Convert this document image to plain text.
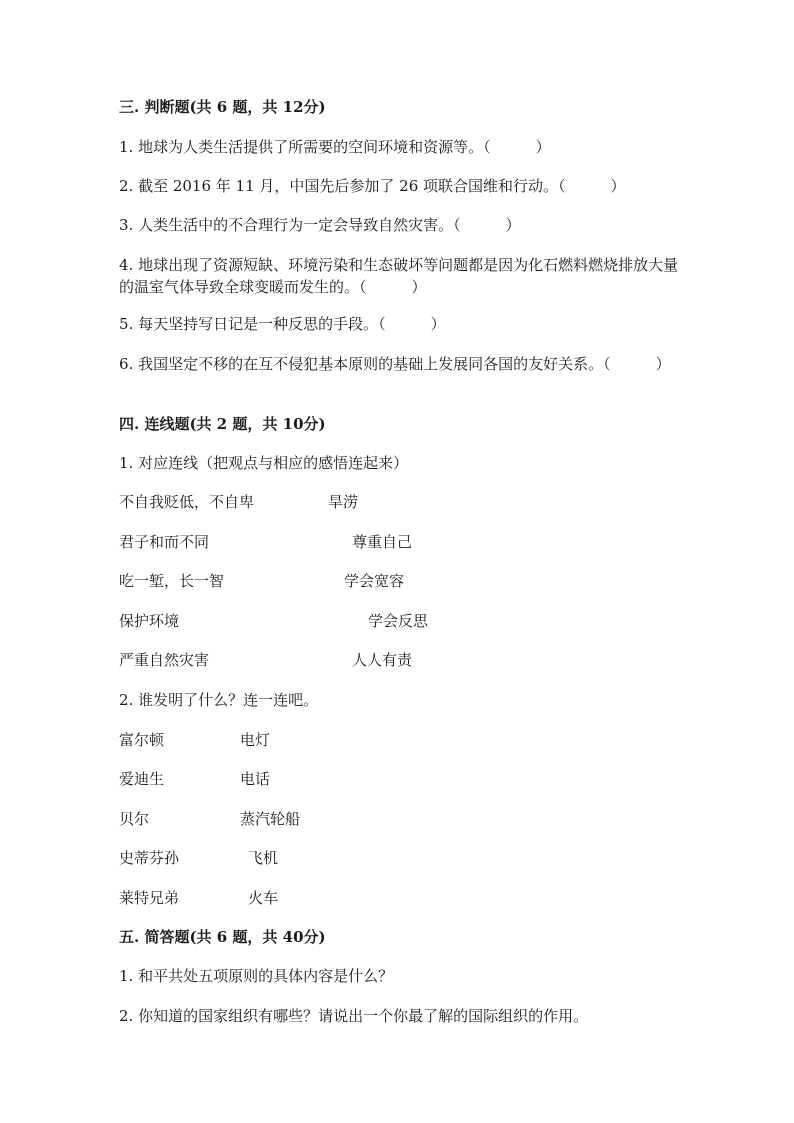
三. 判断题(共 6 题，共 12分)
1. 地球为人类生活提供了所需要的空间环境和资源等。（　　　）
2. 截至 2016 年 11 月，中国先后参加了 26 项联合国维和行动。（　　　）
3. 人类生活中的不合理行为一定会导致自然灾害。（　　　）
4. 地球出现了资源短缺、环境污染和生态破坏等问题都是因为化石燃料燃烧排放大量的温室气体导致全球变暖而发生的。（　　　）
5. 每天坚持写日记是一种反思的手段。（　　　）
6. 我国坚定不移的在互不侵犯基本原则的基础上发展同各国的友好关系。（　　　）
四. 连线题(共 2 题，共 10分)
1. 对应连线（把观点与相应的感悟连起来）
不自我贬低，不自卑	旱涝
君子和而不同	尊重自己
吃一堑，长一智	学会宽容
保护环境	学会反思
严重自然灾害	人人有责
2. 谁发明了什么？连一连吧。
富尔顿	电灯
爱迪生	电话
贝尔	蒸汽轮船
史蒂芬孙	飞机
莱特兄弟	火车
五. 简答题(共 6 题，共 40分)
1. 和平共处五项原则的具体内容是什么？
2. 你知道的国家组织有哪些？请说出一个你最了解的国际组织的作用。
